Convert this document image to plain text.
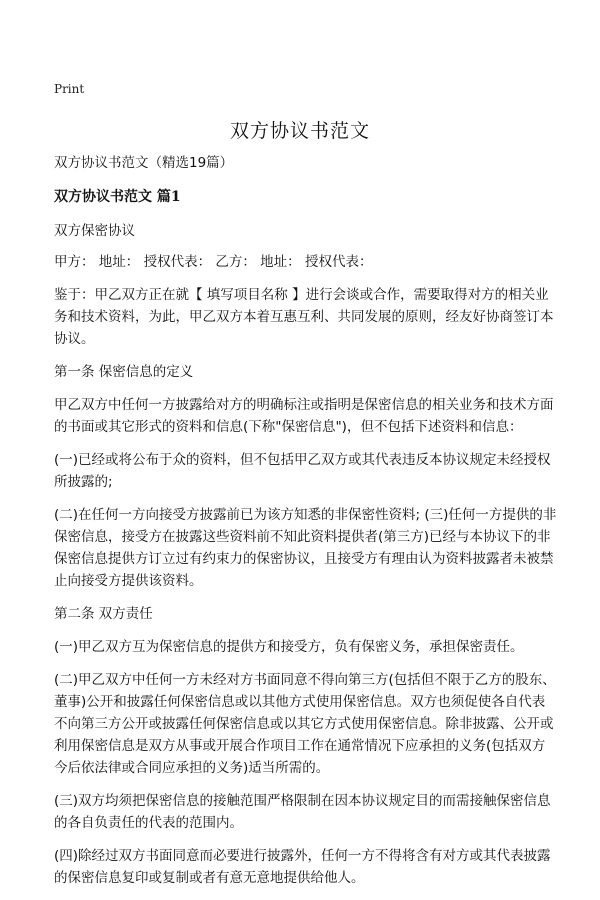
Print
双方协议书范文

双方协议书范文（精选19篇）

双方协议书范文 篇1

双方保密协议

甲方： 地址： 授权代表： 乙方： 地址： 授权代表：

鉴于：甲乙双方正在就【 填写项目名称 】进行会谈或合作，需要取得对方的相关业务和技术资料，为此，甲乙双方本着互惠互利、共同发展的原则，经友好协商签订本协议。

第一条 保密信息的定义

甲乙双方中任何一方披露给对方的明确标注或指明是保密信息的相关业务和技术方面的书面或其它形式的资料和信息(下称"保密信息")，但不包括下述资料和信息：

(一)已经或将公布于众的资料，但不包括甲乙双方或其代表违反本协议规定未经授权所披露的;

(二)在任何一方向接受方披露前已为该方知悉的非保密性资料; (三)任何一方提供的非保密信息，接受方在披露这些资料前不知此资料提供者(第三方)已经与本协议下的非保密信息提供方订立过有约束力的保密协议，且接受方有理由认为资料披露者未被禁止向接受方提供该资料。

第二条 双方责任

(一)甲乙双方互为保密信息的提供方和接受方，负有保密义务，承担保密责任。

(二)甲乙双方中任何一方未经对方书面同意不得向第三方(包括但不限于乙方的股东、董事)公开和披露任何保密信息或以其他方式使用保密信息。双方也须促使各自代表不向第三方公开或披露任何保密信息或以其它方式使用保密信息。除非披露、公开或利用保密信息是双方从事或开展合作项目工作在通常情况下应承担的义务(包括双方今后依法律或合同应承担的义务)适当所需的。

(三)双方均须把保密信息的接触范围严格限制在因本协议规定目的而需接触保密信息的各自负责任的代表的范围内。

(四)除经过双方书面同意而必要进行披露外，任何一方不得将含有对方或其代表披露的保密信息复印或复制或者有意无意地提供给他人。
